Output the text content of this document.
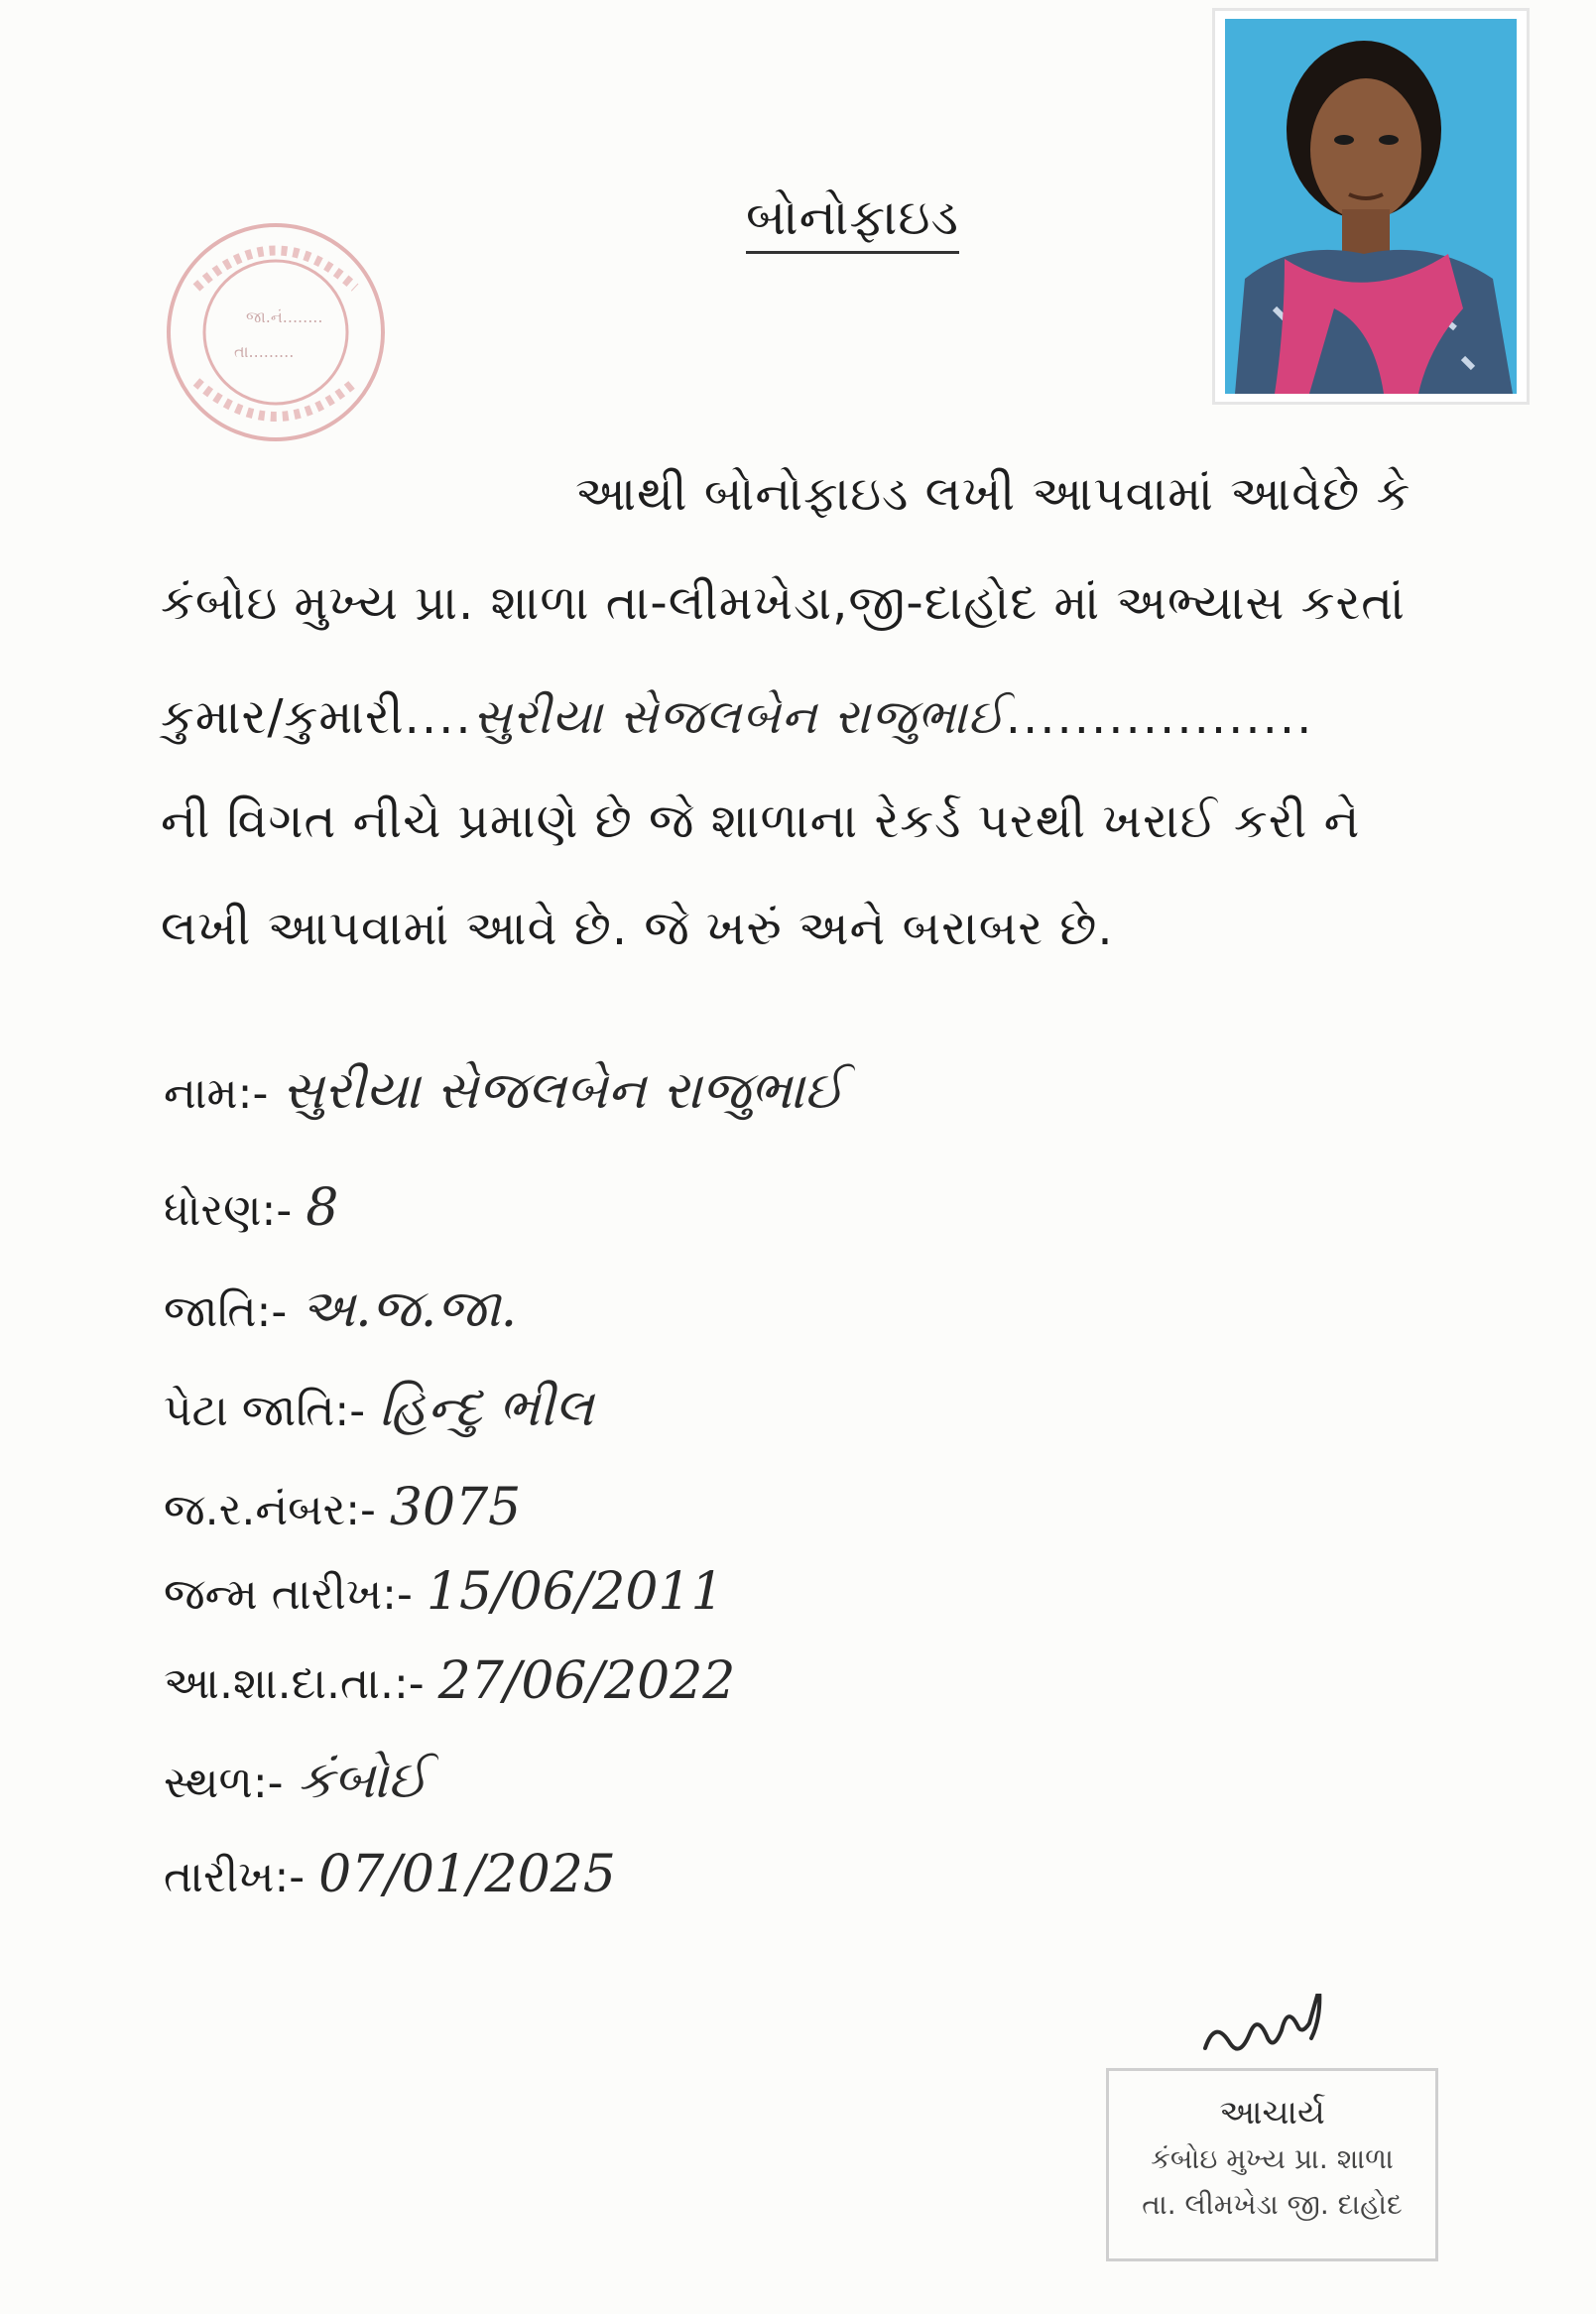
જા.નં........
તા.........
બોનોફાઇડ
આથી બોનોફાઇડ લખી આપવામાં આવેછે કે
કંબોઇ મુખ્ય પ્રા. શાળા તા-લીમખેડા,જી-દાહોદ માં અભ્યાસ કરતાં
કુમાર/કુમારી....સુરીયા સેજલબેન રાજુભાઈ..................
ની વિગત નીચે પ્રમાણે છે જે શાળાના રેકર્ડ પરથી ખરાઈ કરી ને
લખી આપવામાં આવે છે. જે ખરું અને બરાબર છે.
નામ:- સુરીયા સેજલબેન રાજુભાઈ
ધોરણ:- 8
જાતિ:- અ.જ.જા.
પેટા જાતિ:- હિન્દુ ભીલ
જ.ર.નંબર:- 3075
જન્મ તારીખ:- 15/06/2011
આ.શા.દા.તા.:- 27/06/2022
સ્થળ:- કંબોઈ
તારીખ:- 07/01/2025
આચાર્ય
કંબોઇ મુખ્ય પ્રા. શાળા
તા. લીમખેડા જી. દાહોદ
